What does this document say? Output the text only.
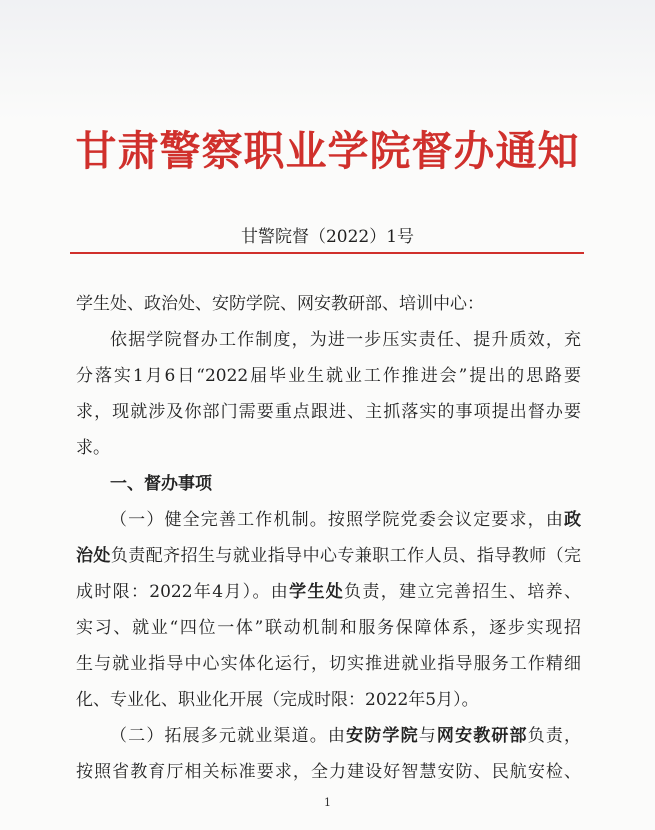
甘肃警察职业学院督办通知
甘警院督（2022）1号
学生处、政治处、安防学院、网安教研部、培训中心：
依据学院督办工作制度，为进一步压实责任、提升质效，充
分落实1月6日“2022届毕业生就业工作推进会”提出的思路要
求，现就涉及你部门需要重点跟进、主抓落实的事项提出督办要
求。
一、督办事项
（一）健全完善工作机制。按照学院党委会议定要求，由政
治处负责配齐招生与就业指导中心专兼职工作人员、指导教师（完
成时限：2022年4月）。由学生处负责，建立完善招生、培养、
实习、就业“四位一体”联动机制和服务保障体系，逐步实现招
生与就业指导中心实体化运行，切实推进就业指导服务工作精细
化、专业化、职业化开展（完成时限：2022年5月）。
（二）拓展多元就业渠道。由安防学院与网安教研部负责，
按照省教育厅相关标准要求，全力建设好智慧安防、民航安检、
1
